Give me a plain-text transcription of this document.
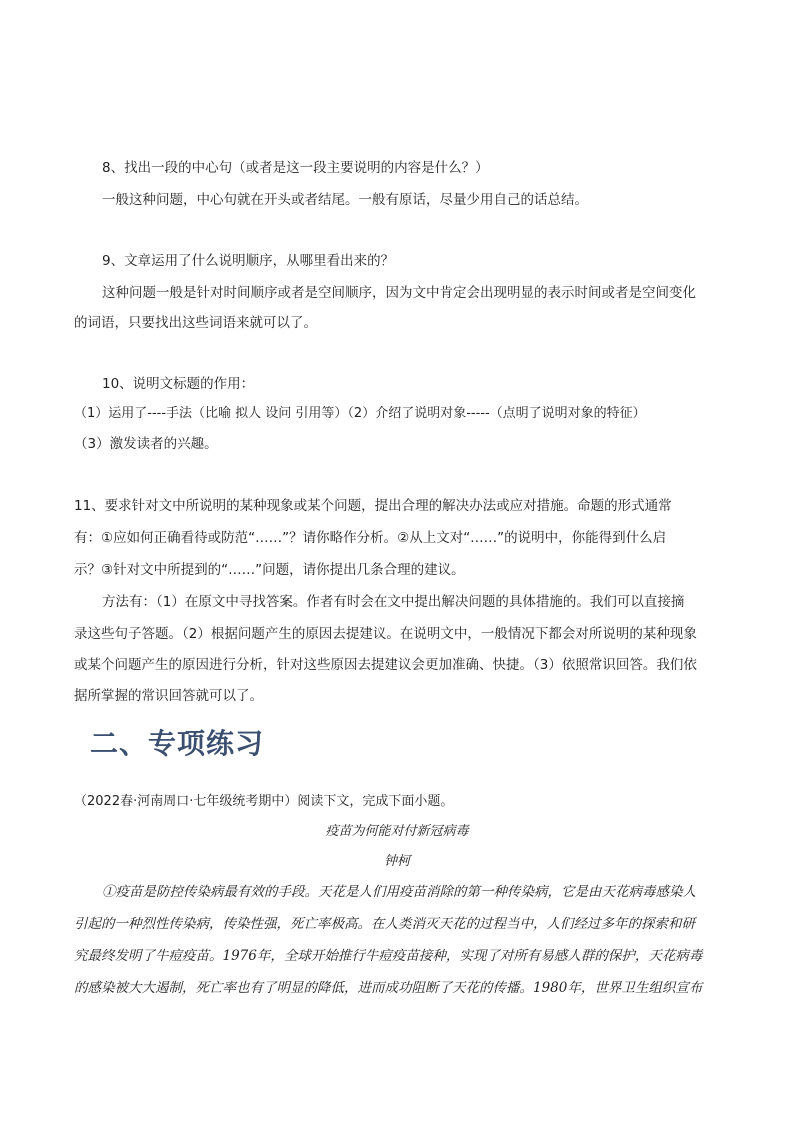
8、找出一段的中心句（或者是这一段主要说明的内容是什么？）
一般这种问题，中心句就在开头或者结尾。一般有原话，尽量少用自己的话总结。
9、文章运用了什么说明顺序，从哪里看出来的？
这种问题一般是针对时间顺序或者是空间顺序，因为文中肯定会出现明显的表示时间或者是空间变化
的词语，只要找出这些词语来就可以了。
10、说明文标题的作用：
（1）运用了----手法（比喻 拟人 设问 引用等）（2）介绍了说明对象-----（点明了说明对象的特征）
（3）激发读者的兴趣。
11、要求针对文中所说明的某种现象或某个问题，提出合理的解决办法或应对措施。命题的形式通常
有：①应如何正确看待或防范“……”？请你略作分析。②从上文对“……”的说明中，你能得到什么启
示？③针对文中所提到的“……”问题，请你提出几条合理的建议。
方法有：（1）在原文中寻找答案。作者有时会在文中提出解决问题的具体措施的。我们可以直接摘
录这些句子答题。（2）根据问题产生的原因去提建议。在说明文中，一般情况下都会对所说明的某种现象
或某个问题产生的原因进行分析，针对这些原因去提建议会更加准确、快捷。（3）依照常识回答。我们依
据所掌握的常识回答就可以了。
二、专项练习
（2022春·河南周口·七年级统考期中）阅读下文，完成下面小题。
疫苗为何能对付新冠病毒
钟柯
①疫苗是防控传染病最有效的手段。天花是人们用疫苗消除的第一种传染病，它是由天花病毒感染人
引起的一种烈性传染病，传染性强，死亡率极高。在人类消灭天花的过程当中，人们经过多年的探索和研
究最终发明了牛痘疫苗。1976年，全球开始推行牛痘疫苗接种，实现了对所有易感人群的保护，天花病毒
的感染被大大遏制，死亡率也有了明显的降低，进而成功阻断了天花的传播。1980年，世界卫生组织宣布
